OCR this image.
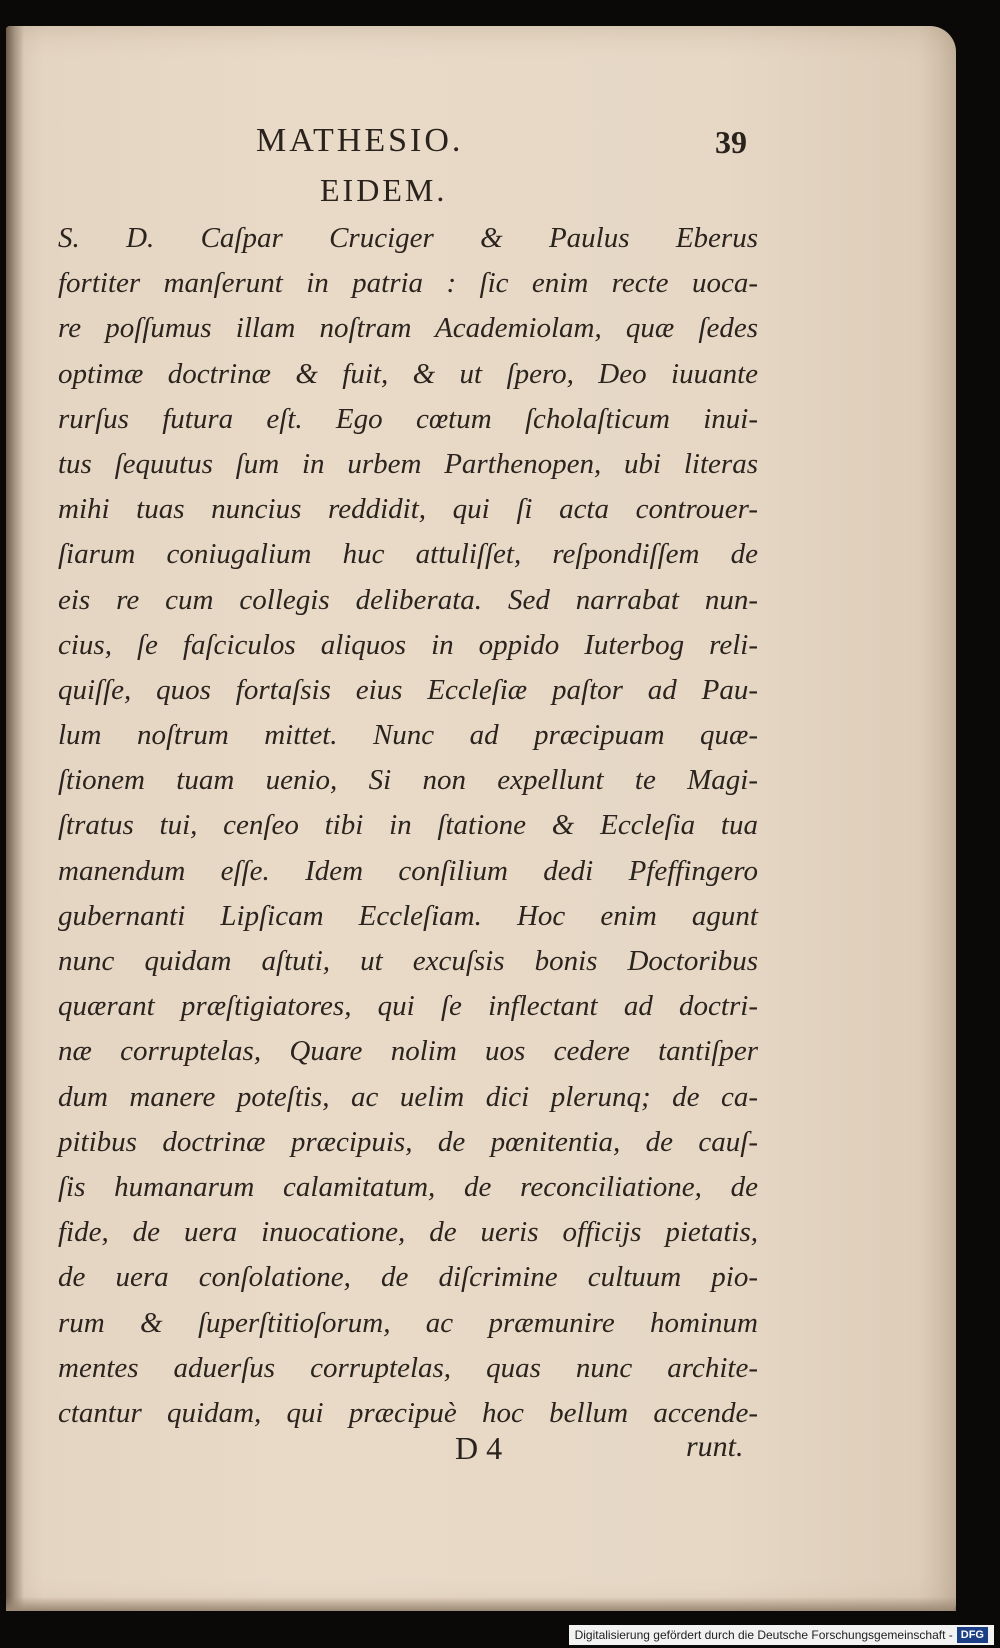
MATHESIO.	39
EIDEM.
S. D. Caſpar Cruciger & Paulus Eberus
fortiter manſerunt in patria : ſic enim recte uoca-
re poſſumus illam noſtram Academiolam, quæ ſedes
optimæ doctrinæ & fuit, & ut ſpero, Deo iuuante
rurſus futura eſt. Ego cœtum ſcholaſticum inui-
tus ſequutus ſum in urbem Parthenopen, ubi literas
mihi tuas nuncius reddidit, qui ſi acta controuer-
ſiarum coniugalium huc attuliſſet, reſpondiſſem de
eis re cum collegis deliberata. Sed narrabat nun-
cius, ſe faſciculos aliquos in oppido Iuterbog reli-
quiſſe, quos fortaſsis eius Eccleſiæ paſtor ad Pau-
lum noſtrum mittet. Nunc ad præcipuam quæ-
ſtionem tuam uenio, Si non expellunt te Magi-
ſtratus tui, cenſeo tibi in ſtatione & Eccleſia tua
manendum eſſe. Idem conſilium dedi Pfeffingero
gubernanti Lipſicam Eccleſiam. Hoc enim agunt
nunc quidam aſtuti, ut excuſsis bonis Doctoribus
quærant præſtigiatores, qui ſe inflectant ad doctri-
næ corruptelas, Quare nolim uos cedere tantiſper
dum manere poteſtis, ac uelim dici plerunq; de ca-
pitibus doctrinæ præcipuis, de pœnitentia, de cauſ-
ſis humanarum calamitatum, de reconciliatione, de
fide, de uera inuocatione, de ueris officijs pietatis,
de uera conſolatione, de diſcrimine cultuum pio-
rum & ſuperſtitioſorum, ac præmunire hominum
mentes aduerſus corruptelas, quas nunc archite-
ctantur quidam, qui præcipuè hoc bellum accende-
D 4	runt.
Digitalisierung gefördert durch die Deutsche Forschungsgemeinschaft - DFG
